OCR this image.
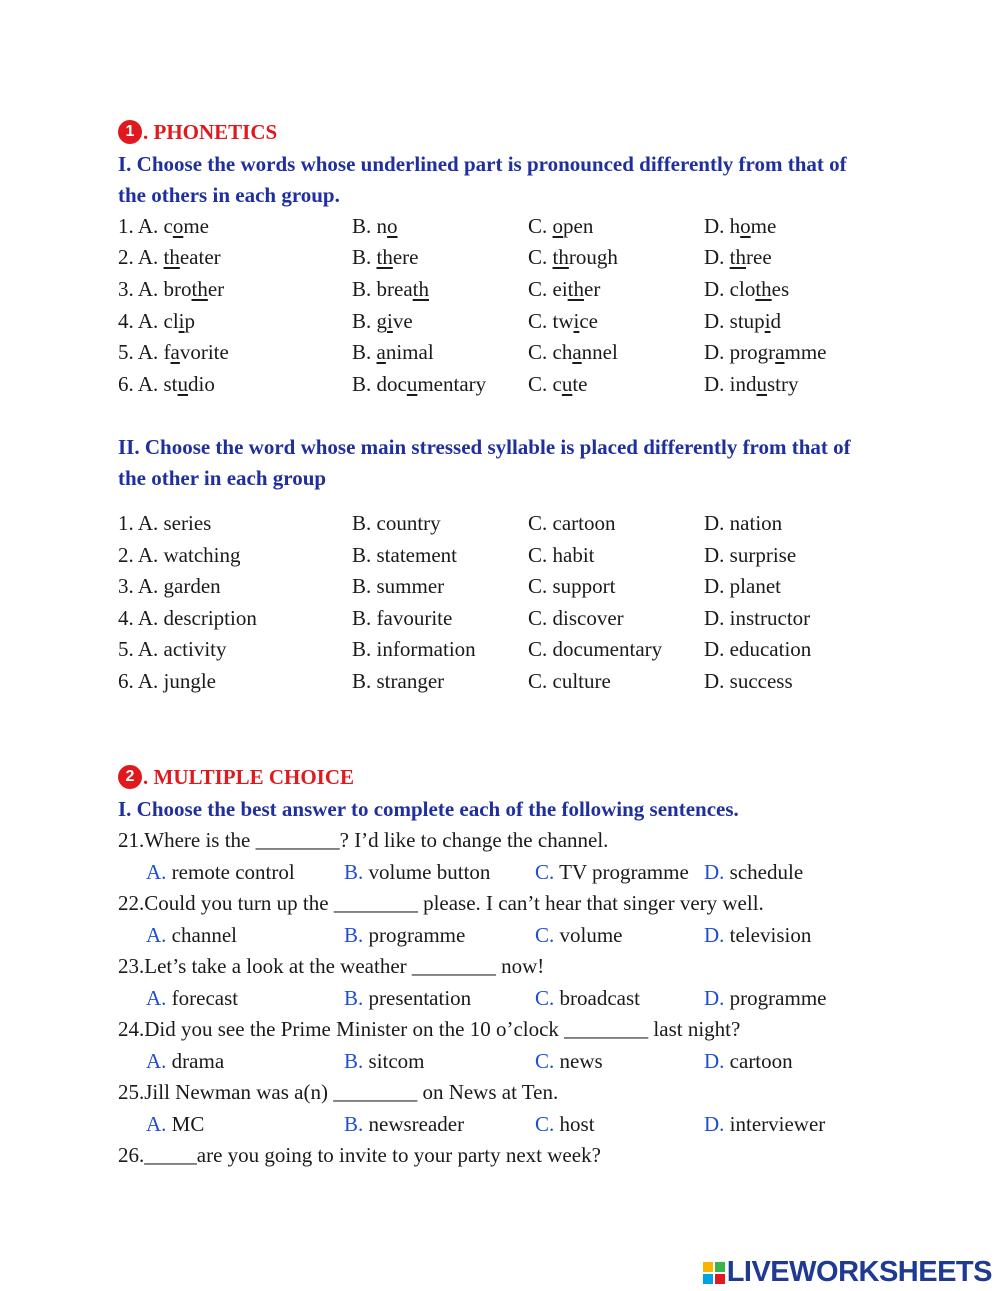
1 . PHONETICS
I. Choose the words whose underlined part is pronounced differently from that of the others in each group.
1. A. come	B. no	C. open	D. home
2. A. theater	B. there	C. through	D. three
3. A. brother	B. breath	C. either	D. clothes
4. A. clip	B. give	C. twice	D. stupid
5. A. favorite	B. animal	C. channel	D. programme
6. A. studio	B. documentary C. cute	D. industry
II. Choose the word whose main stressed syllable is placed differently from that of the other in each group
1. A. series	B. country	C. cartoon	D. nation
2. A. watching	B. statement	C. habit	D. surprise
3. A. garden	B. summer	C. support	D. planet
4. A. description	B. favourite	C. discover	D. instructor
5. A. activity	B. information C. documentary D. education
6. A. jungle	B. stranger	C. culture	D. success
2 . MULTIPLE CHOICE
I. Choose the best answer to complete each of the following sentences.
21.Where is the ________? I’d like to change the channel.
A. remote control B. volume button C. TV programme D. schedule
22.Could you turn up the ________ please. I can’t hear that singer very well.
A. channel	B. programme	C. volume	D. television
23.Let’s take a look at the weather ________ now!
A. forecast	B. presentation	C. broadcast	D. programme
24.Did you see the Prime Minister on the 10 o’clock ________ last night?
A. drama	B. sitcom	C. news	D. cartoon
25.Jill Newman was a(n) ________ on News at Ten.
A. MC	B. newsreader	C. host	D. interviewer
26._____are you going to invite to your party next week?
LIVEWORKSHEETS
